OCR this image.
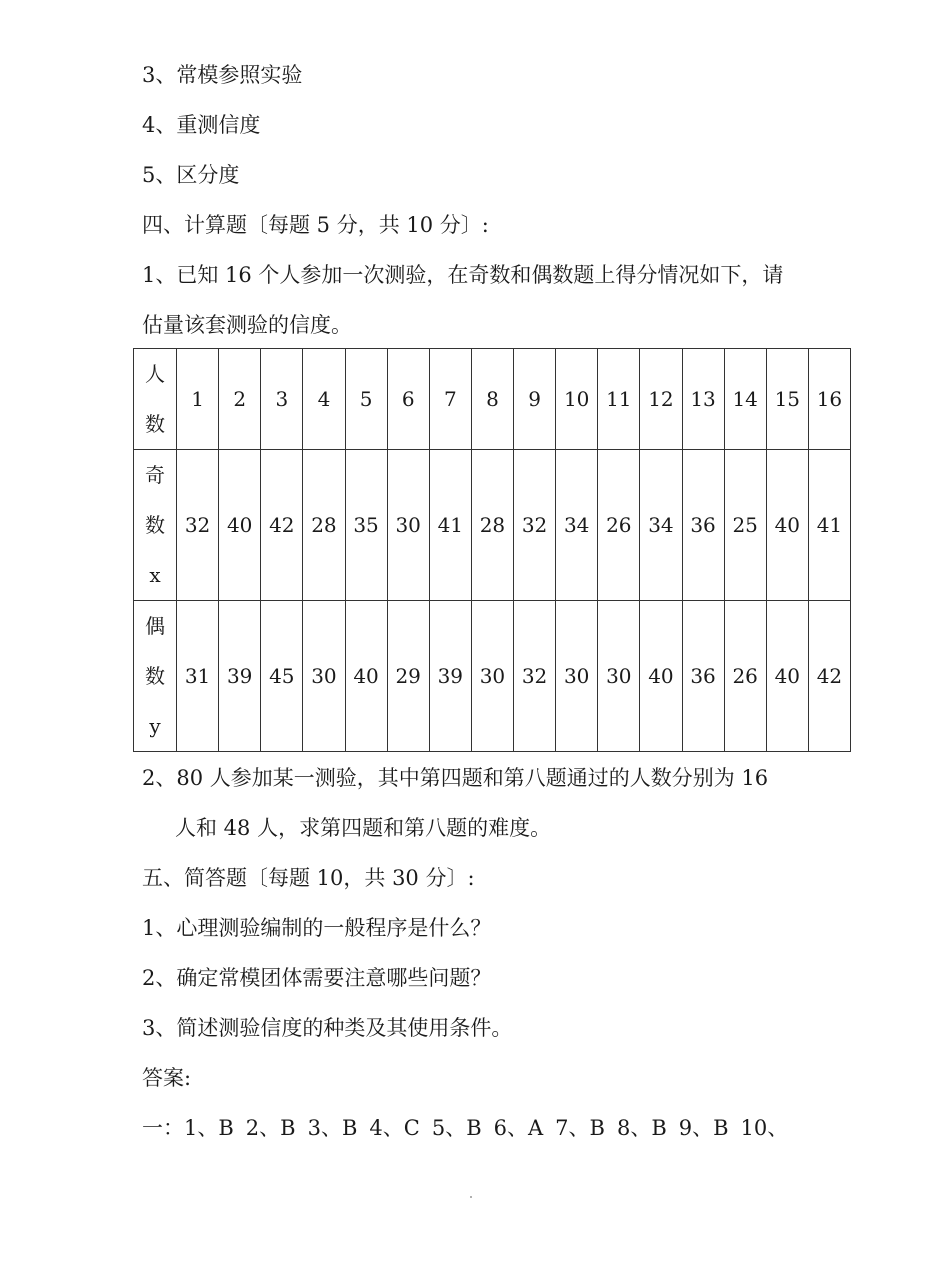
3、常模参照实验
4、重测信度
5、区分度
四、计算题〔每题 5 分，共 10 分〕:
1、已知 16 个人参加一次测验，在奇数和偶数题上得分情况如下，请
估量该套测验的信度。
人
数	1	2	3	4	5	6	7	8	9	10	11	12	13	14	15	16

奇
数
x	32	40	42	28	35	30	41	28	32	34	26	34	36	25	40	41

偶
数
y	31	39	45	30	40	29	39	30	32	30	30	40	36	26	40	42
2、80 人参加某一测验，其中第四题和第八题通过的人数分别为 16
人和 48 人，求第四题和第八题的难度。
五、简答题〔每题 10，共 30 分〕:
1、心理测验编制的一般程序是什么？
2、确定常模团体需要注意哪些问题？
3、简述测验信度的种类及其使用条件。
答案:
一：1、B 2、B 3、B 4、C 5、B 6、A 7、B 8、B 9、B 10、
